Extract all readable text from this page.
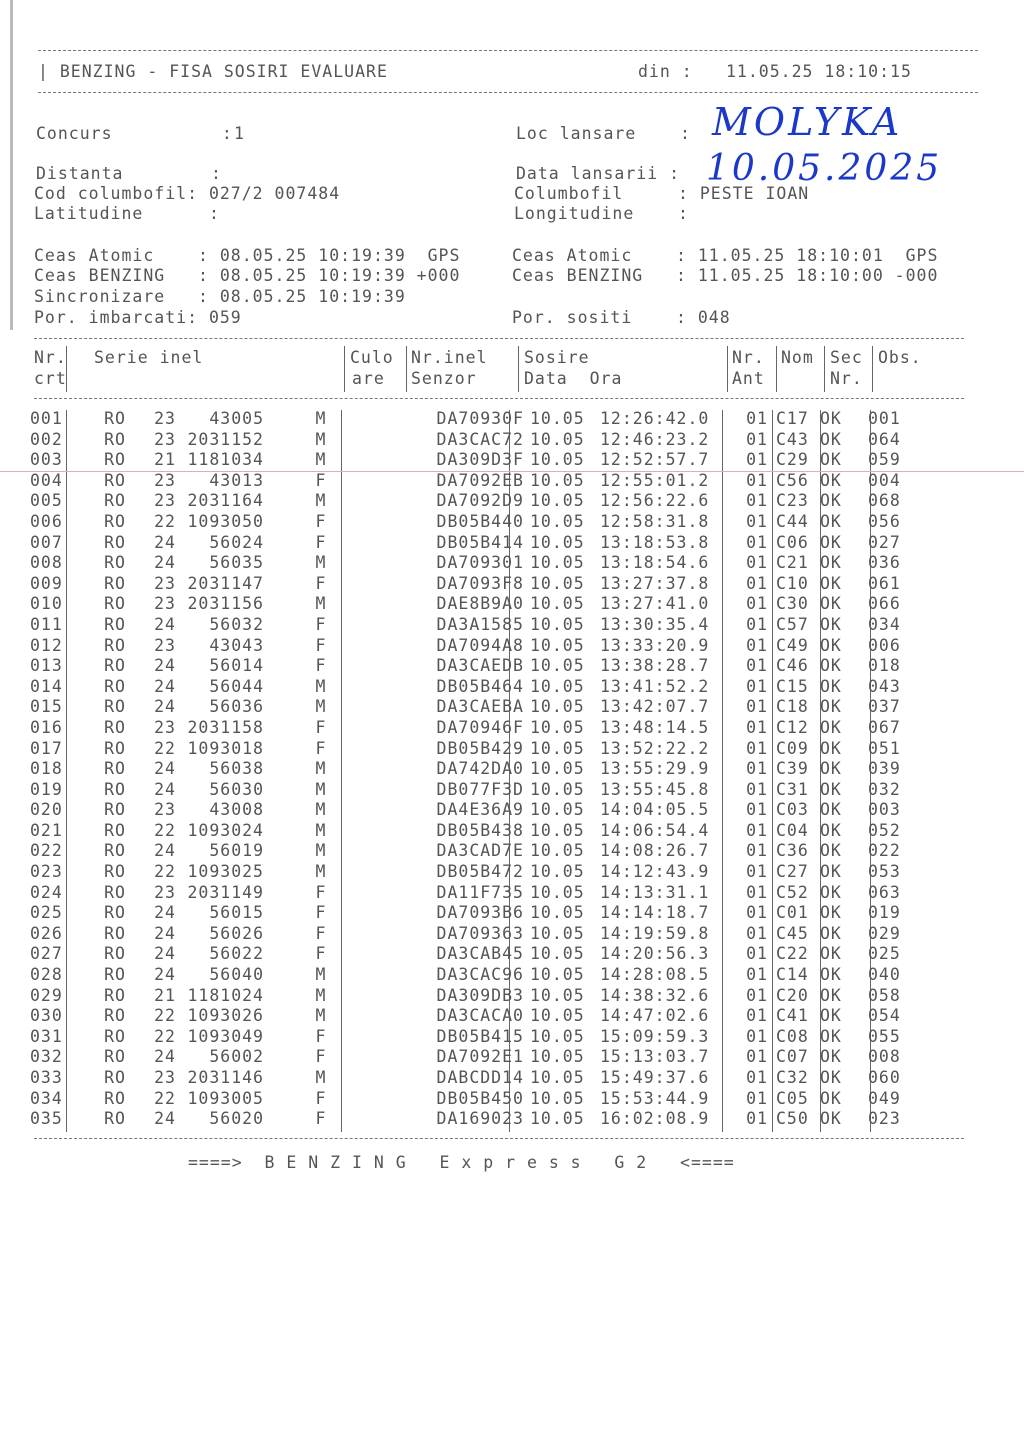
| BENZING - FISA SOSIRI EVALUARE	din : 11.05.25 18:10:15
Concurs          : 1	Loc lansare    : MOLYKA
Distanta        :	Data lansarii : 10.05.2025
Cod columbofil: 027/2 007484	Columbofil     : PESTE IOAN
Latitudine      :	Longitudine    :
Ceas Atomic    : 08.05.25 10:19:39  GPS	Ceas Atomic    : 11.05.25 18:10:01  GPS
Ceas BENZING   : 08.05.25 10:19:39 +000	Ceas BENZING   : 11.05.25 18:10:00 -000
Sincronizare   : 08.05.25 10:19:39
Por. imbarcati: 059	Por. sositi    : 048
Nr.
crt
Serie inel	Culo
are
Nr.inel
Senzor
Sosire
Data  Ora
Nr.
Ant
Nom Sec
Nr.
Obs.
001	RO	23	43005	M		DA70930F	10.05	12:26:42.0	01	C17	OK	001
002	RO	23	2031152	M		DA3CAC72	10.05	12:46:23.2	01	C43	OK	064
003	RO	21	1181034	M		DA309D3F	10.05	12:52:57.7	01	C29	OK	059
004	RO	23	43013	F		DA7092EB	10.05	12:55:01.2	01	C56	OK	004
005	RO	23	2031164	M		DA7092D9	10.05	12:56:22.6	01	C23	OK	068
006	RO	22	1093050	F		DB05B440	10.05	12:58:31.8	01	C44	OK	056
007	RO	24	56024	F		DB05B414	10.05	13:18:53.8	01	C06	OK	027
008	RO	24	56035	M		DA709301	10.05	13:18:54.6	01	C21	OK	036
009	RO	23	2031147	F		DA7093F8	10.05	13:27:37.8	01	C10	OK	061
010	RO	23	2031156	M		DAE8B9A0	10.05	13:27:41.0	01	C30	OK	066
011	RO	24	56032	F		DA3A1585	10.05	13:30:35.4	01	C57	OK	034
012	RO	23	43043	F		DA7094A8	10.05	13:33:20.9	01	C49	OK	006
013	RO	24	56014	F		DA3CAEDB	10.05	13:38:28.7	01	C46	OK	018
014	RO	24	56044	M		DB05B464	10.05	13:41:52.2	01	C15	OK	043
015	RO	24	56036	M		DA3CAEBA	10.05	13:42:07.7	01	C18	OK	037
016	RO	23	2031158	F		DA70946F	10.05	13:48:14.5	01	C12	OK	067
017	RO	22	1093018	F		DB05B429	10.05	13:52:22.2	01	C09	OK	051
018	RO	24	56038	M		DA742DA0	10.05	13:55:29.9	01	C39	OK	039
019	RO	24	56030	M		DB077F3D	10.05	13:55:45.8	01	C31	OK	032
020	RO	23	43008	M		DA4E36A9	10.05	14:04:05.5	01	C03	OK	003
021	RO	22	1093024	M		DB05B438	10.05	14:06:54.4	01	C04	OK	052
022	RO	24	56019	M		DA3CAD7E	10.05	14:08:26.7	01	C36	OK	022
023	RO	22	1093025	M		DB05B472	10.05	14:12:43.9	01	C27	OK	053
024	RO	23	2031149	F		DA11F735	10.05	14:13:31.1	01	C52	OK	063
025	RO	24	56015	F		DA7093B6	10.05	14:14:18.7	01	C01	OK	019
026	RO	24	56026	F		DA709363	10.05	14:19:59.8	01	C45	OK	029
027	RO	24	56022	F		DA3CAB45	10.05	14:20:56.3	01	C22	OK	025
028	RO	24	56040	M		DA3CAC96	10.05	14:28:08.5	01	C14	OK	040
029	RO	21	1181024	M		DA309DB3	10.05	14:38:32.6	01	C20	OK	058
030	RO	22	1093026	M		DA3CACA0	10.05	14:47:02.6	01	C41	OK	054
031	RO	22	1093049	F		DB05B415	10.05	15:09:59.3	01	C08	OK	055
032	RO	24	56002	F		DA7092E1	10.05	15:13:03.7	01	C07	OK	008
033	RO	23	2031146	M		DABCDD14	10.05	15:49:37.6	01	C32	OK	060
034	RO	22	1093005	F		DB05B450	10.05	15:53:44.9	01	C05	OK	049
035	RO	24	56020	F		DA169023	10.05	16:02:08.9	01	C50	OK	023
====>  B E N Z I N G   E x p r e s s   G 2   <====
